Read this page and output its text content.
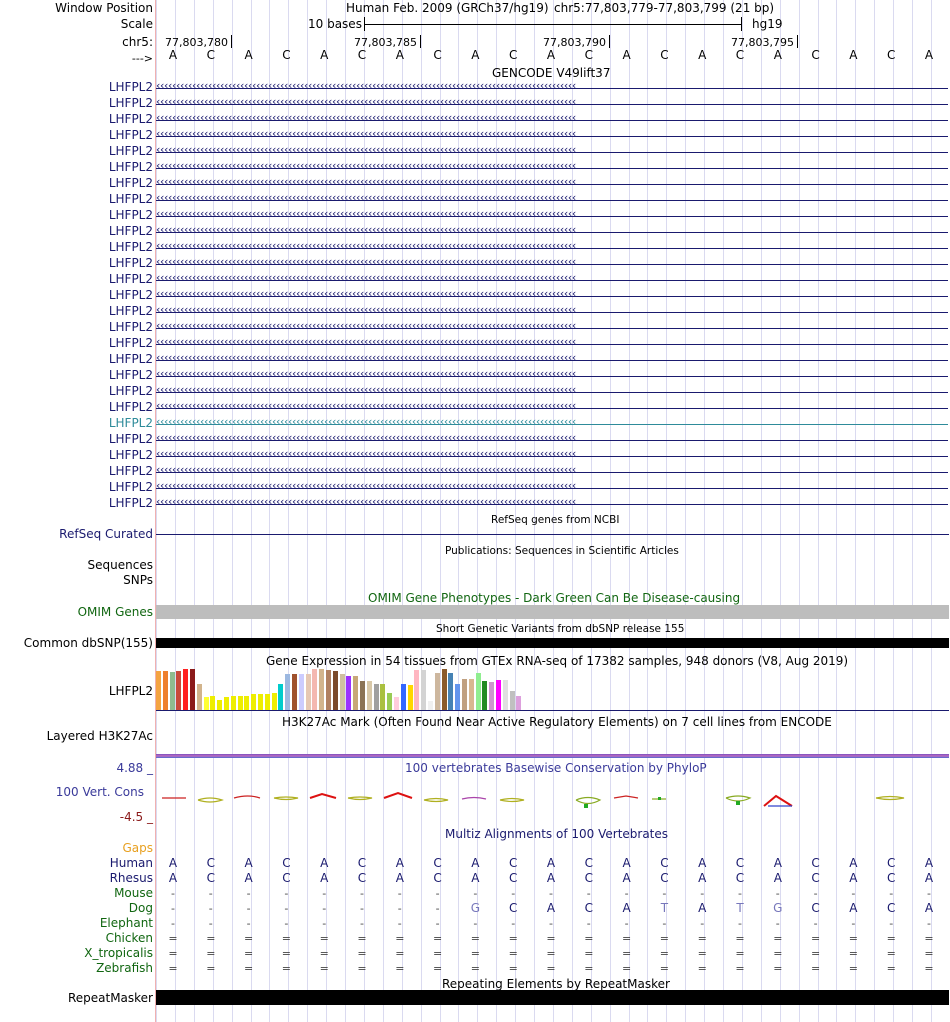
Window Position	Human Feb. 2009 (GRCh37/hg19) chr5:77,803,779-77,803,799 (21 bp)
Scale	10 bases	hg19
chr5: 77,803,780	77,803,785	77,803,790	77,803,795
--->	A	C	A	C	A	C	A	C	A	C	A	C	A	C	A	C	A	C	A	C	A
GENCODE V49lift37
LHFPL2 ‹‹‹‹‹‹‹‹‹‹‹‹‹‹‹‹‹‹‹‹‹‹‹‹‹‹‹‹‹‹‹‹‹‹‹‹‹‹‹‹‹‹‹‹‹‹‹‹‹‹‹‹‹‹‹‹‹‹‹‹‹‹‹‹‹‹‹‹‹‹‹‹‹‹‹‹‹‹‹‹‹‹‹‹‹‹‹‹‹‹‹‹‹‹‹‹‹‹‹‹‹‹‹‹‹
LHFPL2 ‹‹‹‹‹‹‹‹‹‹‹‹‹‹‹‹‹‹‹‹‹‹‹‹‹‹‹‹‹‹‹‹‹‹‹‹‹‹‹‹‹‹‹‹‹‹‹‹‹‹‹‹‹‹‹‹‹‹‹‹‹‹‹‹‹‹‹‹‹‹‹‹‹‹‹‹‹‹‹‹‹‹‹‹‹‹‹‹‹‹‹‹‹‹‹‹‹‹‹‹‹‹‹‹‹
LHFPL2 ‹‹‹‹‹‹‹‹‹‹‹‹‹‹‹‹‹‹‹‹‹‹‹‹‹‹‹‹‹‹‹‹‹‹‹‹‹‹‹‹‹‹‹‹‹‹‹‹‹‹‹‹‹‹‹‹‹‹‹‹‹‹‹‹‹‹‹‹‹‹‹‹‹‹‹‹‹‹‹‹‹‹‹‹‹‹‹‹‹‹‹‹‹‹‹‹‹‹‹‹‹‹‹‹‹
LHFPL2 ‹‹‹‹‹‹‹‹‹‹‹‹‹‹‹‹‹‹‹‹‹‹‹‹‹‹‹‹‹‹‹‹‹‹‹‹‹‹‹‹‹‹‹‹‹‹‹‹‹‹‹‹‹‹‹‹‹‹‹‹‹‹‹‹‹‹‹‹‹‹‹‹‹‹‹‹‹‹‹‹‹‹‹‹‹‹‹‹‹‹‹‹‹‹‹‹‹‹‹‹‹‹‹‹‹
LHFPL2 ‹‹‹‹‹‹‹‹‹‹‹‹‹‹‹‹‹‹‹‹‹‹‹‹‹‹‹‹‹‹‹‹‹‹‹‹‹‹‹‹‹‹‹‹‹‹‹‹‹‹‹‹‹‹‹‹‹‹‹‹‹‹‹‹‹‹‹‹‹‹‹‹‹‹‹‹‹‹‹‹‹‹‹‹‹‹‹‹‹‹‹‹‹‹‹‹‹‹‹‹‹‹‹‹‹
LHFPL2 ‹‹‹‹‹‹‹‹‹‹‹‹‹‹‹‹‹‹‹‹‹‹‹‹‹‹‹‹‹‹‹‹‹‹‹‹‹‹‹‹‹‹‹‹‹‹‹‹‹‹‹‹‹‹‹‹‹‹‹‹‹‹‹‹‹‹‹‹‹‹‹‹‹‹‹‹‹‹‹‹‹‹‹‹‹‹‹‹‹‹‹‹‹‹‹‹‹‹‹‹‹‹‹‹‹
LHFPL2 ‹‹‹‹‹‹‹‹‹‹‹‹‹‹‹‹‹‹‹‹‹‹‹‹‹‹‹‹‹‹‹‹‹‹‹‹‹‹‹‹‹‹‹‹‹‹‹‹‹‹‹‹‹‹‹‹‹‹‹‹‹‹‹‹‹‹‹‹‹‹‹‹‹‹‹‹‹‹‹‹‹‹‹‹‹‹‹‹‹‹‹‹‹‹‹‹‹‹‹‹‹‹‹‹‹
LHFPL2 ‹‹‹‹‹‹‹‹‹‹‹‹‹‹‹‹‹‹‹‹‹‹‹‹‹‹‹‹‹‹‹‹‹‹‹‹‹‹‹‹‹‹‹‹‹‹‹‹‹‹‹‹‹‹‹‹‹‹‹‹‹‹‹‹‹‹‹‹‹‹‹‹‹‹‹‹‹‹‹‹‹‹‹‹‹‹‹‹‹‹‹‹‹‹‹‹‹‹‹‹‹‹‹‹‹
LHFPL2 ‹‹‹‹‹‹‹‹‹‹‹‹‹‹‹‹‹‹‹‹‹‹‹‹‹‹‹‹‹‹‹‹‹‹‹‹‹‹‹‹‹‹‹‹‹‹‹‹‹‹‹‹‹‹‹‹‹‹‹‹‹‹‹‹‹‹‹‹‹‹‹‹‹‹‹‹‹‹‹‹‹‹‹‹‹‹‹‹‹‹‹‹‹‹‹‹‹‹‹‹‹‹‹‹‹
LHFPL2 ‹‹‹‹‹‹‹‹‹‹‹‹‹‹‹‹‹‹‹‹‹‹‹‹‹‹‹‹‹‹‹‹‹‹‹‹‹‹‹‹‹‹‹‹‹‹‹‹‹‹‹‹‹‹‹‹‹‹‹‹‹‹‹‹‹‹‹‹‹‹‹‹‹‹‹‹‹‹‹‹‹‹‹‹‹‹‹‹‹‹‹‹‹‹‹‹‹‹‹‹‹‹‹‹‹
LHFPL2 ‹‹‹‹‹‹‹‹‹‹‹‹‹‹‹‹‹‹‹‹‹‹‹‹‹‹‹‹‹‹‹‹‹‹‹‹‹‹‹‹‹‹‹‹‹‹‹‹‹‹‹‹‹‹‹‹‹‹‹‹‹‹‹‹‹‹‹‹‹‹‹‹‹‹‹‹‹‹‹‹‹‹‹‹‹‹‹‹‹‹‹‹‹‹‹‹‹‹‹‹‹‹‹‹‹
LHFPL2 ‹‹‹‹‹‹‹‹‹‹‹‹‹‹‹‹‹‹‹‹‹‹‹‹‹‹‹‹‹‹‹‹‹‹‹‹‹‹‹‹‹‹‹‹‹‹‹‹‹‹‹‹‹‹‹‹‹‹‹‹‹‹‹‹‹‹‹‹‹‹‹‹‹‹‹‹‹‹‹‹‹‹‹‹‹‹‹‹‹‹‹‹‹‹‹‹‹‹‹‹‹‹‹‹‹
LHFPL2 ‹‹‹‹‹‹‹‹‹‹‹‹‹‹‹‹‹‹‹‹‹‹‹‹‹‹‹‹‹‹‹‹‹‹‹‹‹‹‹‹‹‹‹‹‹‹‹‹‹‹‹‹‹‹‹‹‹‹‹‹‹‹‹‹‹‹‹‹‹‹‹‹‹‹‹‹‹‹‹‹‹‹‹‹‹‹‹‹‹‹‹‹‹‹‹‹‹‹‹‹‹‹‹‹‹
LHFPL2 ‹‹‹‹‹‹‹‹‹‹‹‹‹‹‹‹‹‹‹‹‹‹‹‹‹‹‹‹‹‹‹‹‹‹‹‹‹‹‹‹‹‹‹‹‹‹‹‹‹‹‹‹‹‹‹‹‹‹‹‹‹‹‹‹‹‹‹‹‹‹‹‹‹‹‹‹‹‹‹‹‹‹‹‹‹‹‹‹‹‹‹‹‹‹‹‹‹‹‹‹‹‹‹‹‹
LHFPL2 ‹‹‹‹‹‹‹‹‹‹‹‹‹‹‹‹‹‹‹‹‹‹‹‹‹‹‹‹‹‹‹‹‹‹‹‹‹‹‹‹‹‹‹‹‹‹‹‹‹‹‹‹‹‹‹‹‹‹‹‹‹‹‹‹‹‹‹‹‹‹‹‹‹‹‹‹‹‹‹‹‹‹‹‹‹‹‹‹‹‹‹‹‹‹‹‹‹‹‹‹‹‹‹‹‹
LHFPL2 ‹‹‹‹‹‹‹‹‹‹‹‹‹‹‹‹‹‹‹‹‹‹‹‹‹‹‹‹‹‹‹‹‹‹‹‹‹‹‹‹‹‹‹‹‹‹‹‹‹‹‹‹‹‹‹‹‹‹‹‹‹‹‹‹‹‹‹‹‹‹‹‹‹‹‹‹‹‹‹‹‹‹‹‹‹‹‹‹‹‹‹‹‹‹‹‹‹‹‹‹‹‹‹‹‹
LHFPL2 ‹‹‹‹‹‹‹‹‹‹‹‹‹‹‹‹‹‹‹‹‹‹‹‹‹‹‹‹‹‹‹‹‹‹‹‹‹‹‹‹‹‹‹‹‹‹‹‹‹‹‹‹‹‹‹‹‹‹‹‹‹‹‹‹‹‹‹‹‹‹‹‹‹‹‹‹‹‹‹‹‹‹‹‹‹‹‹‹‹‹‹‹‹‹‹‹‹‹‹‹‹‹‹‹‹
LHFPL2 ‹‹‹‹‹‹‹‹‹‹‹‹‹‹‹‹‹‹‹‹‹‹‹‹‹‹‹‹‹‹‹‹‹‹‹‹‹‹‹‹‹‹‹‹‹‹‹‹‹‹‹‹‹‹‹‹‹‹‹‹‹‹‹‹‹‹‹‹‹‹‹‹‹‹‹‹‹‹‹‹‹‹‹‹‹‹‹‹‹‹‹‹‹‹‹‹‹‹‹‹‹‹‹‹‹
LHFPL2 ‹‹‹‹‹‹‹‹‹‹‹‹‹‹‹‹‹‹‹‹‹‹‹‹‹‹‹‹‹‹‹‹‹‹‹‹‹‹‹‹‹‹‹‹‹‹‹‹‹‹‹‹‹‹‹‹‹‹‹‹‹‹‹‹‹‹‹‹‹‹‹‹‹‹‹‹‹‹‹‹‹‹‹‹‹‹‹‹‹‹‹‹‹‹‹‹‹‹‹‹‹‹‹‹‹
LHFPL2 ‹‹‹‹‹‹‹‹‹‹‹‹‹‹‹‹‹‹‹‹‹‹‹‹‹‹‹‹‹‹‹‹‹‹‹‹‹‹‹‹‹‹‹‹‹‹‹‹‹‹‹‹‹‹‹‹‹‹‹‹‹‹‹‹‹‹‹‹‹‹‹‹‹‹‹‹‹‹‹‹‹‹‹‹‹‹‹‹‹‹‹‹‹‹‹‹‹‹‹‹‹‹‹‹‹
LHFPL2 ‹‹‹‹‹‹‹‹‹‹‹‹‹‹‹‹‹‹‹‹‹‹‹‹‹‹‹‹‹‹‹‹‹‹‹‹‹‹‹‹‹‹‹‹‹‹‹‹‹‹‹‹‹‹‹‹‹‹‹‹‹‹‹‹‹‹‹‹‹‹‹‹‹‹‹‹‹‹‹‹‹‹‹‹‹‹‹‹‹‹‹‹‹‹‹‹‹‹‹‹‹‹‹‹‹
LHFPL2 ‹‹‹‹‹‹‹‹‹‹‹‹‹‹‹‹‹‹‹‹‹‹‹‹‹‹‹‹‹‹‹‹‹‹‹‹‹‹‹‹‹‹‹‹‹‹‹‹‹‹‹‹‹‹‹‹‹‹‹‹‹‹‹‹‹‹‹‹‹‹‹‹‹‹‹‹‹‹‹‹‹‹‹‹‹‹‹‹‹‹‹‹‹‹‹‹‹‹‹‹‹‹‹‹‹
LHFPL2 ‹‹‹‹‹‹‹‹‹‹‹‹‹‹‹‹‹‹‹‹‹‹‹‹‹‹‹‹‹‹‹‹‹‹‹‹‹‹‹‹‹‹‹‹‹‹‹‹‹‹‹‹‹‹‹‹‹‹‹‹‹‹‹‹‹‹‹‹‹‹‹‹‹‹‹‹‹‹‹‹‹‹‹‹‹‹‹‹‹‹‹‹‹‹‹‹‹‹‹‹‹‹‹‹‹
LHFPL2 ‹‹‹‹‹‹‹‹‹‹‹‹‹‹‹‹‹‹‹‹‹‹‹‹‹‹‹‹‹‹‹‹‹‹‹‹‹‹‹‹‹‹‹‹‹‹‹‹‹‹‹‹‹‹‹‹‹‹‹‹‹‹‹‹‹‹‹‹‹‹‹‹‹‹‹‹‹‹‹‹‹‹‹‹‹‹‹‹‹‹‹‹‹‹‹‹‹‹‹‹‹‹‹‹‹
LHFPL2 ‹‹‹‹‹‹‹‹‹‹‹‹‹‹‹‹‹‹‹‹‹‹‹‹‹‹‹‹‹‹‹‹‹‹‹‹‹‹‹‹‹‹‹‹‹‹‹‹‹‹‹‹‹‹‹‹‹‹‹‹‹‹‹‹‹‹‹‹‹‹‹‹‹‹‹‹‹‹‹‹‹‹‹‹‹‹‹‹‹‹‹‹‹‹‹‹‹‹‹‹‹‹‹‹‹
LHFPL2 ‹‹‹‹‹‹‹‹‹‹‹‹‹‹‹‹‹‹‹‹‹‹‹‹‹‹‹‹‹‹‹‹‹‹‹‹‹‹‹‹‹‹‹‹‹‹‹‹‹‹‹‹‹‹‹‹‹‹‹‹‹‹‹‹‹‹‹‹‹‹‹‹‹‹‹‹‹‹‹‹‹‹‹‹‹‹‹‹‹‹‹‹‹‹‹‹‹‹‹‹‹‹‹‹‹
LHFPL2 ‹‹‹‹‹‹‹‹‹‹‹‹‹‹‹‹‹‹‹‹‹‹‹‹‹‹‹‹‹‹‹‹‹‹‹‹‹‹‹‹‹‹‹‹‹‹‹‹‹‹‹‹‹‹‹‹‹‹‹‹‹‹‹‹‹‹‹‹‹‹‹‹‹‹‹‹‹‹‹‹‹‹‹‹‹‹‹‹‹‹‹‹‹‹‹‹‹‹‹‹‹‹‹‹‹
RefSeq genes from NCBI
RefSeq Curated
Publications: Sequences in Scientific Articles
Sequences
SNPs
OMIM Gene Phenotypes - Dark Green Can Be Disease-causing
OMIM Genes
Short Genetic Variants from dbSNP release 155
Common dbSNP(155)
Gene Expression in 54 tissues from GTEx RNA-seq of 17382 samples, 948 donors (V8, Aug 2019)
LHFPL2
H3K27Ac Mark (Often Found Near Active Regulatory Elements) on 7 cell lines from ENCODE
Layered H3K27Ac
100 vertebrates Basewise Conservation by PhyloP
4.88 _
100 Vert. Cons
-4.5 _
Multiz Alignments of 100 Vertebrates
Gaps
Human	A	C	A	C	A	C	A	C	A	C	A	C	A	C	A	C	A	C	A	C	A
Rhesus	A	C	A	C	A	C	A	C	A	C	A	C	A	C	A	C	A	C	A	C	A
Mouse	-	-	-	-	-	-	-	-	-	-	-	-	-	-	-	-	-	-	-	-	-
Dog	-	-	-	-	-	-	-	-	G	C	A	C	A	T	A	T	G	C	A	C	A
Elephant	-	-	-	-	-	-	-	-	-	-	-	-	-	-	-	-	-	-	-	-	-
Chicken	=	=	=	=	=	=	=	=	=	=	=	=	=	=	=	=	=	=	=	=	=
X_tropicalis	=	=	=	=	=	=	=	=	=	=	=	=	=	=	=	=	=	=	=	=	=
Zebrafish	=	=	=	=	=	=	=	=	=	=	=	=	=	=	=	=	=	=	=	=	=
RepeatMasker
Repeating Elements by RepeatMasker
